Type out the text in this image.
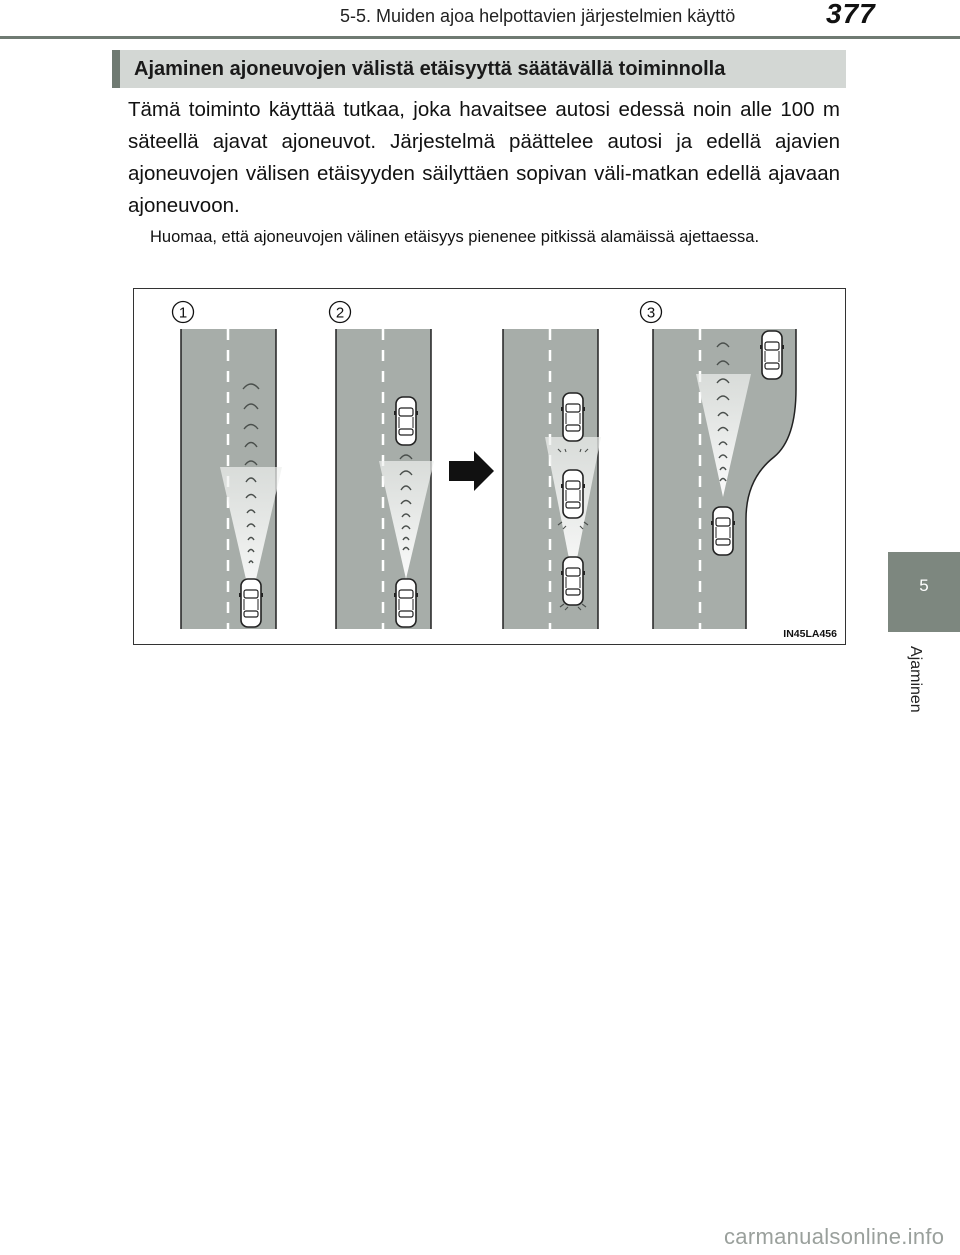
5-5. Muiden ajoa helpottavien järjestelmien käyttö	377
5
Ajaminen
Ajaminen ajoneuvojen välistä etäisyyttä säätävällä toiminnolla
Tämä toiminto käyttää tutkaa, joka havaitsee autosi edessä noin alle 100 m säteellä ajavat ajoneuvot. Järjestelmä päättelee autosi ja edellä ajavien ajoneuvojen välisen etäisyyden säilyttäen sopivan väli-matkan edellä ajavaan ajoneuvoon.
Huomaa, että ajoneuvojen välinen etäisyys pienenee pitkissä alamäissä ajettaessa.
1	2	3
IN45LA456
carmanualsonline.info
